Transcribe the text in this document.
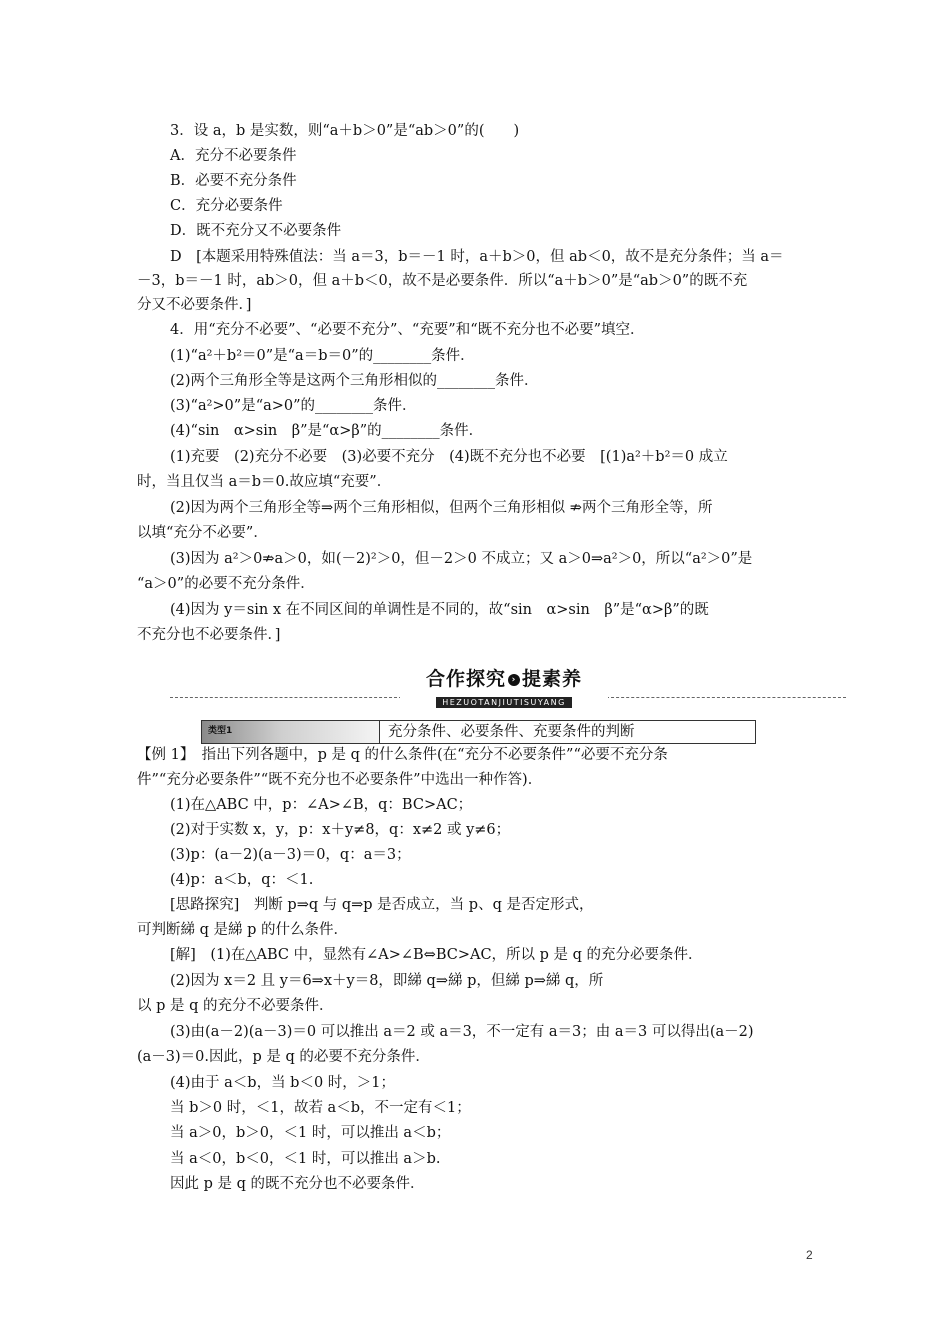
3．设 a，b 是实数，则“a＋b＞0”是“ab＞0”的(　　)
A．充分不必要条件
B．必要不充分条件
C．充分必要条件
D．既不充分又不必要条件
D　[本题采用特殊值法：当 a＝3，b＝－1 时，a＋b＞0，但 ab＜0，故不是充分条件；当 a＝
－3，b＝－1 时，ab＞0，但 a＋b＜0，故不是必要条件．所以“a＋b＞0”是“ab＞0”的既不充
分又不必要条件．]
4．用“充分不必要”、“必要不充分”、“充要”和“既不充分也不必要”填空．
(1)“a²＋b²＝0”是“a＝b＝0”的________条件．
(2)两个三角形全等是这两个三角形相似的________条件．
(3)“a²>0”是“a>0”的________条件．
(4)“sin　α>sin　β”是“α>β”的________条件．
(1)充要　(2)充分不必要　(3)必要不充分　(4)既不充分也不必要　[(1)a²＋b²＝0 成立
时，当且仅当 a＝b＝0.故应填“充要”．
(2)因为两个三角形全等⇒两个三角形相似，但两个三角形相似 ⇏两个三角形全等，所
以填“充分不必要”．
(3)因为 a²＞0⇏a＞0，如(－2)²＞0，但－2＞0 不成立；又 a＞0⇒a²＞0，所以“a²＞0”是
“a＞0”的必要不充分条件．
(4)因为 y＝sin x 在不同区间的单调性是不同的，故“sin　α>sin　β”是“α>β”的既
不充分也不必要条件．]
【例 1】　指出下列各题中，p 是 q 的什么条件(在“充分不必要条件”“必要不充分条
件”“充分必要条件”“既不充分也不必要条件”中选出一种作答)．
(1)在△ABC 中，p：∠A>∠B，q：BC>AC；
(2)对于实数 x，y，p：x＋y≠8，q：x≠2 或 y≠6；
(3)p：(a－2)(a－3)＝0，q：a＝3；
(4)p：a＜b，q：＜1.
[思路探究]　判断 p⇒q 与 q⇒p 是否成立，当 p、q 是否定形式，
可判断綈 q 是綈 p 的什么条件．
[解]　(1)在△ABC 中，显然有∠A>∠B⇔BC>AC，所以 p 是 q 的充分必要条件．
(2)因为 x＝2 且 y＝6⇒x＋y＝8，即綈 q⇒綈 p，但綈 p⇒綈 q，所
以 p 是 q 的充分不必要条件．
(3)由(a－2)(a－3)＝0 可以推出 a＝2 或 a＝3，不一定有 a＝3；由 a＝3 可以得出(a－2)
(a－3)＝0.因此，p 是 q 的必要不充分条件．
(4)由于 a＜b，当 b＜0 时，＞1；
当 b＞0 时，＜1，故若 a＜b，不一定有＜1；
当 a＞0，b＞0，＜1 时，可以推出 a＜b；
当 a＜0，b＜0，＜1 时，可以推出 a＞b.
因此 p 是 q 的既不充分也不必要条件．
合作探究 › 提素养
HEZUOTANJIUTISUYANG
类型1	充分条件、必要条件、充要条件的判断
2
